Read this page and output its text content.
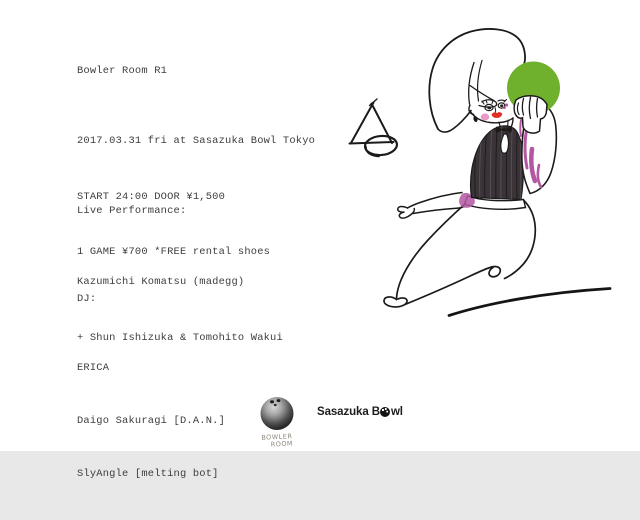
Bowler Room R1

2017.03.31 fri at Sasazuka Bowl Tokyo

START 24:00 DOOR ¥1,500

1 GAME ¥700 *FREE rental shoes

Live Performance:

Kazumichi Komatsu (madegg)

+ Shun Ishizuka & Tomohito Wakui

DJ:

ERICA

Daigo Sakuragi [D.A.N.]

SlyAngle [melting bot]

BOWLER
ROOM
Sasazuka B wl
